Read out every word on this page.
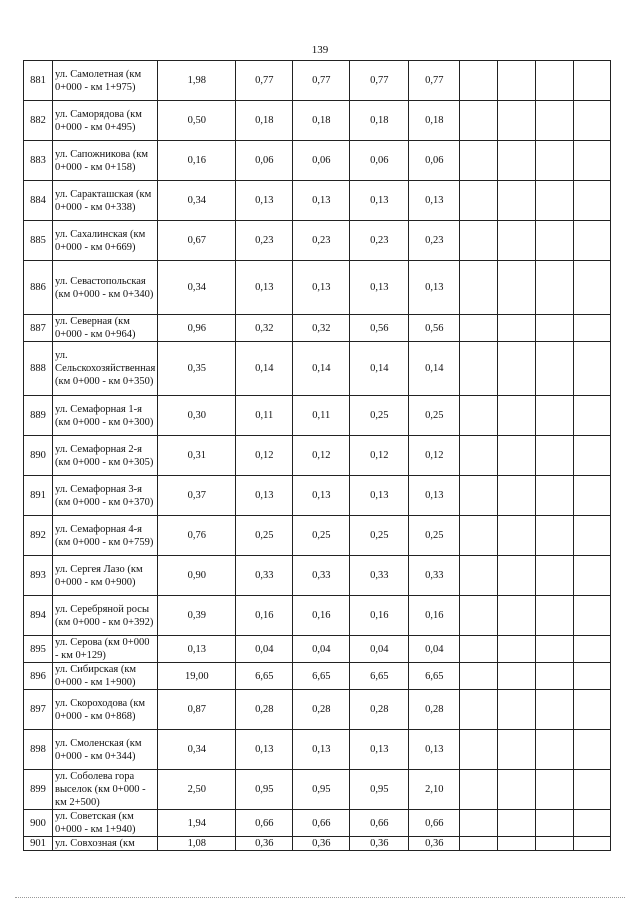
139
881	ул. Самолетная (км 0+000 - км 1+975)	1,98	0,77	0,77	0,77	0,77				
882	ул. Саморядова (км 0+000 - км 0+495)	0,50	0,18	0,18	0,18	0,18				
883	ул. Сапожникова (км 0+000 - км 0+158)	0,16	0,06	0,06	0,06	0,06				
884	ул. Саракташская (км 0+000 - км 0+338)	0,34	0,13	0,13	0,13	0,13				
885	ул. Сахалинская (км 0+000 - км 0+669)	0,67	0,23	0,23	0,23	0,23				
886	ул. Севастопольская (км 0+000 - км 0+340)	0,34	0,13	0,13	0,13	0,13				
887	ул. Северная (км 0+000 - км 0+964)	0,96	0,32	0,32	0,56	0,56				
888	ул. Сельскохозяйственная (км 0+000 - км 0+350)	0,35	0,14	0,14	0,14	0,14				
889	ул. Семафорная 1-я (км 0+000 - км 0+300)	0,30	0,11	0,11	0,25	0,25				
890	ул. Семафорная 2-я (км 0+000 - км 0+305)	0,31	0,12	0,12	0,12	0,12				
891	ул. Семафорная 3-я (км 0+000 - км 0+370)	0,37	0,13	0,13	0,13	0,13				
892	ул. Семафорная 4-я (км 0+000 - км 0+759)	0,76	0,25	0,25	0,25	0,25				
893	ул. Сергея Лазо (км 0+000 - км 0+900)	0,90	0,33	0,33	0,33	0,33				
894	ул. Серебряной росы (км 0+000 - км 0+392)	0,39	0,16	0,16	0,16	0,16				
895	ул. Серова (км 0+000 - км 0+129)	0,13	0,04	0,04	0,04	0,04				
896	ул. Сибирская (км 0+000 - км 1+900)	19,00	6,65	6,65	6,65	6,65				
897	ул. Скороходова (км 0+000 - км 0+868)	0,87	0,28	0,28	0,28	0,28				
898	ул. Смоленская (км 0+000 - км 0+344)	0,34	0,13	0,13	0,13	0,13				
899	ул. Соболева гора выселок (км 0+000 - км 2+500)	2,50	0,95	0,95	0,95	2,10				
900	ул. Советская (км 0+000 - км 1+940)	1,94	0,66	0,66	0,66	0,66				
901	ул. Совхозная (км	1,08	0,36	0,36	0,36	0,36				
